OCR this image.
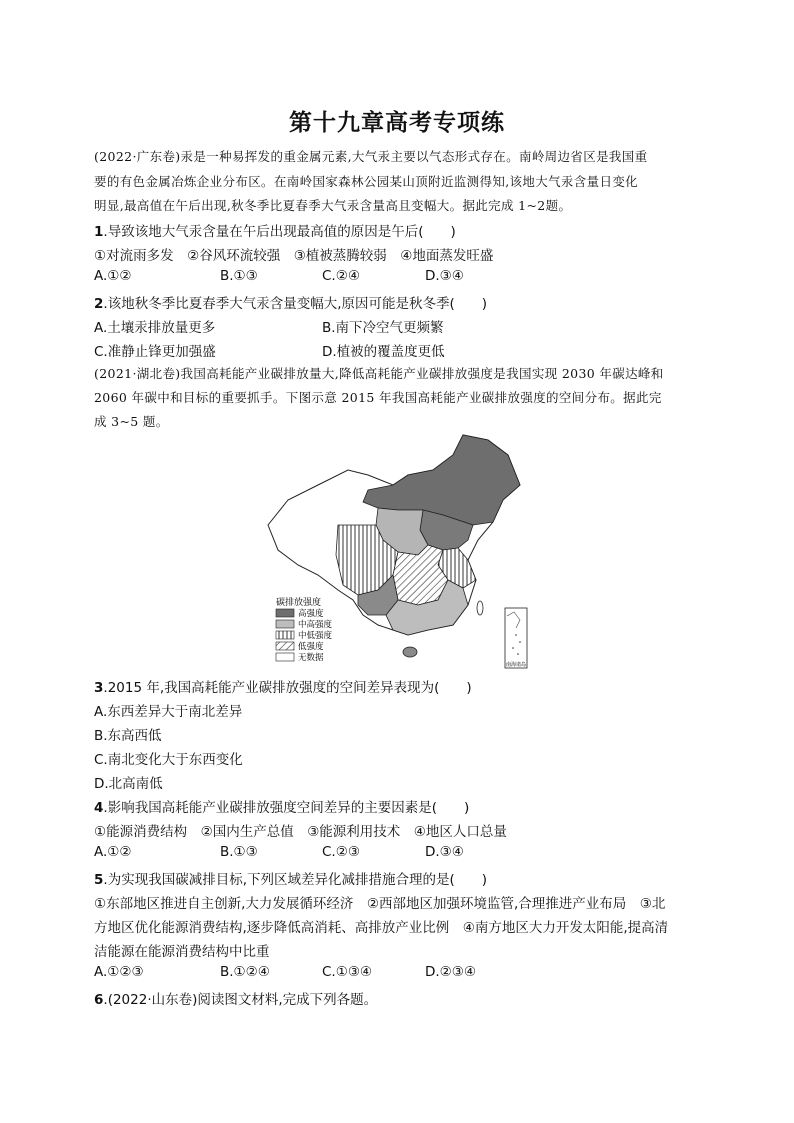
第十九章高考专项练
(2022·广东卷)汞是一种易挥发的重金属元素,大气汞主要以气态形式存在。南岭周边省区是我国重
要的有色金属冶炼企业分布区。在南岭国家森林公园某山顶附近监测得知,该地大气汞含量日变化
明显,最高值在午后出现,秋冬季比夏春季大气汞含量高且变幅大。据此完成 1~2题。
1.导致该地大气汞含量在午后出现最高值的原因是午后(　　)
①对流雨多发　②谷风环流较强　③植被蒸腾较弱　④地面蒸发旺盛
A.①②	B.①③	C.②④	D.③④
2.该地秋冬季比夏春季大气汞含量变幅大,原因可能是秋冬季(　　)
A.土壤汞排放量更多	B.南下冷空气更频繁
C.准静止锋更加强盛	D.植被的覆盖度更低
(2021·湖北卷)我国高耗能产业碳排放量大,降低高耗能产业碳排放强度是我国实现 2030 年碳达峰和
2060 年碳中和目标的重要抓手。下图示意 2015 年我国高耗能产业碳排放强度的空间分布。据此完
成 3~5 题。
碳排放强度
高强度
中高强度
中低强度
低强度
无数据
南海诸岛
3.2015 年,我国高耗能产业碳排放强度的空间差异表现为(　　)
A.东西差异大于南北差异
B.东高西低
C.南北变化大于东西变化
D.北高南低
4.影响我国高耗能产业碳排放强度空间差异的主要因素是(　　)
①能源消费结构　②国内生产总值　③能源利用技术　④地区人口总量
A.①②	B.①③	C.②③	D.③④
5.为实现我国碳减排目标,下列区域差异化减排措施合理的是(　　)
①东部地区推进自主创新,大力发展循环经济　②西部地区加强环境监管,合理推进产业布局　③北
方地区优化能源消费结构,逐步降低高消耗、高排放产业比例　④南方地区大力开发太阳能,提高清
洁能源在能源消费结构中比重
A.①②③	B.①②④	C.①③④	D.②③④
6.(2022·山东卷)阅读图文材料,完成下列各题。
